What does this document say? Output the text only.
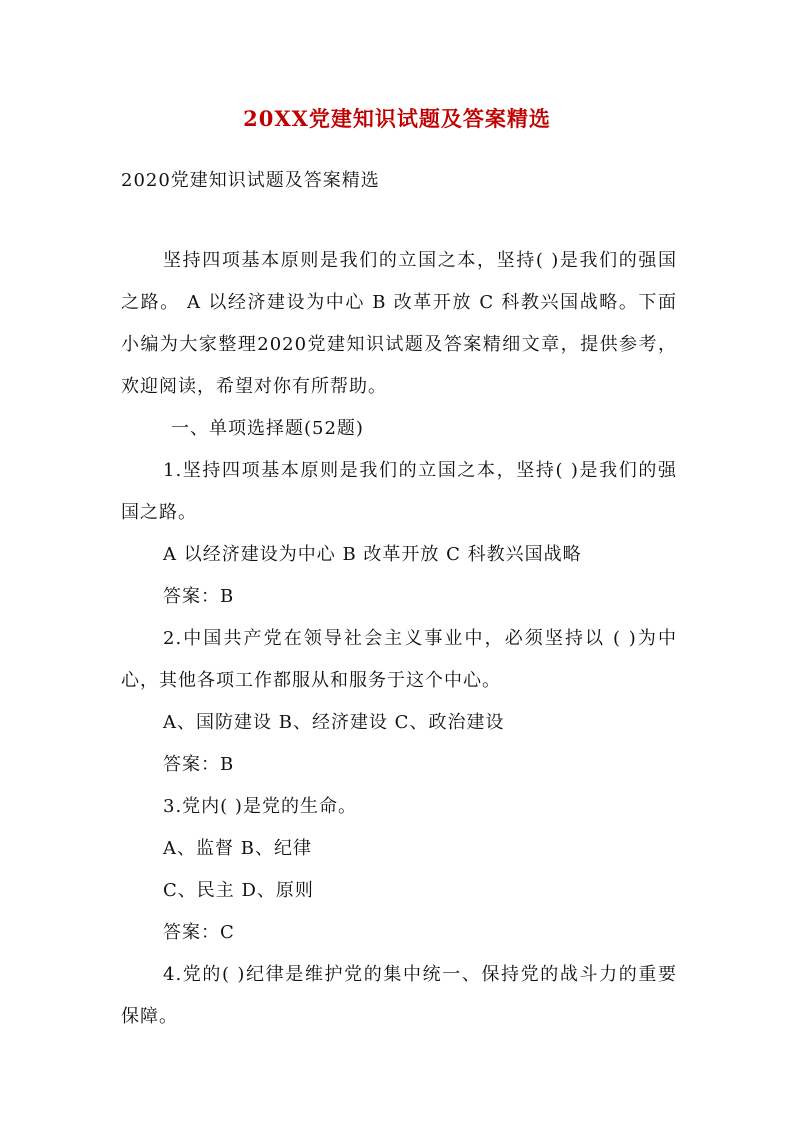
20XX党建知识试题及答案精选
2020党建知识试题及答案精选

坚持四项基本原则是我们的立国之本，坚持( )是我们的强国之路。 A 以经济建设为中心 B 改革开放 C 科教兴国战略。下面小编为大家整理2020党建知识试题及答案精细文章，提供参考，欢迎阅读，希望对你有所帮助。

一、单项选择题(52题)

1.坚持四项基本原则是我们的立国之本，坚持( )是我们的强国之路。

A 以经济建设为中心 B 改革开放 C 科教兴国战略

答案：B

2.中国共产党在领导社会主义事业中，必须坚持以 ( )为中心，其他各项工作都服从和服务于这个中心。

A、国防建设 B、经济建设 C、政治建设

答案：B

3.党内( )是党的生命。

A、监督 B、纪律

C、民主 D、原则

答案：C

4.党的( )纪律是维护党的集中统一、保持党的战斗力的重要保障。
